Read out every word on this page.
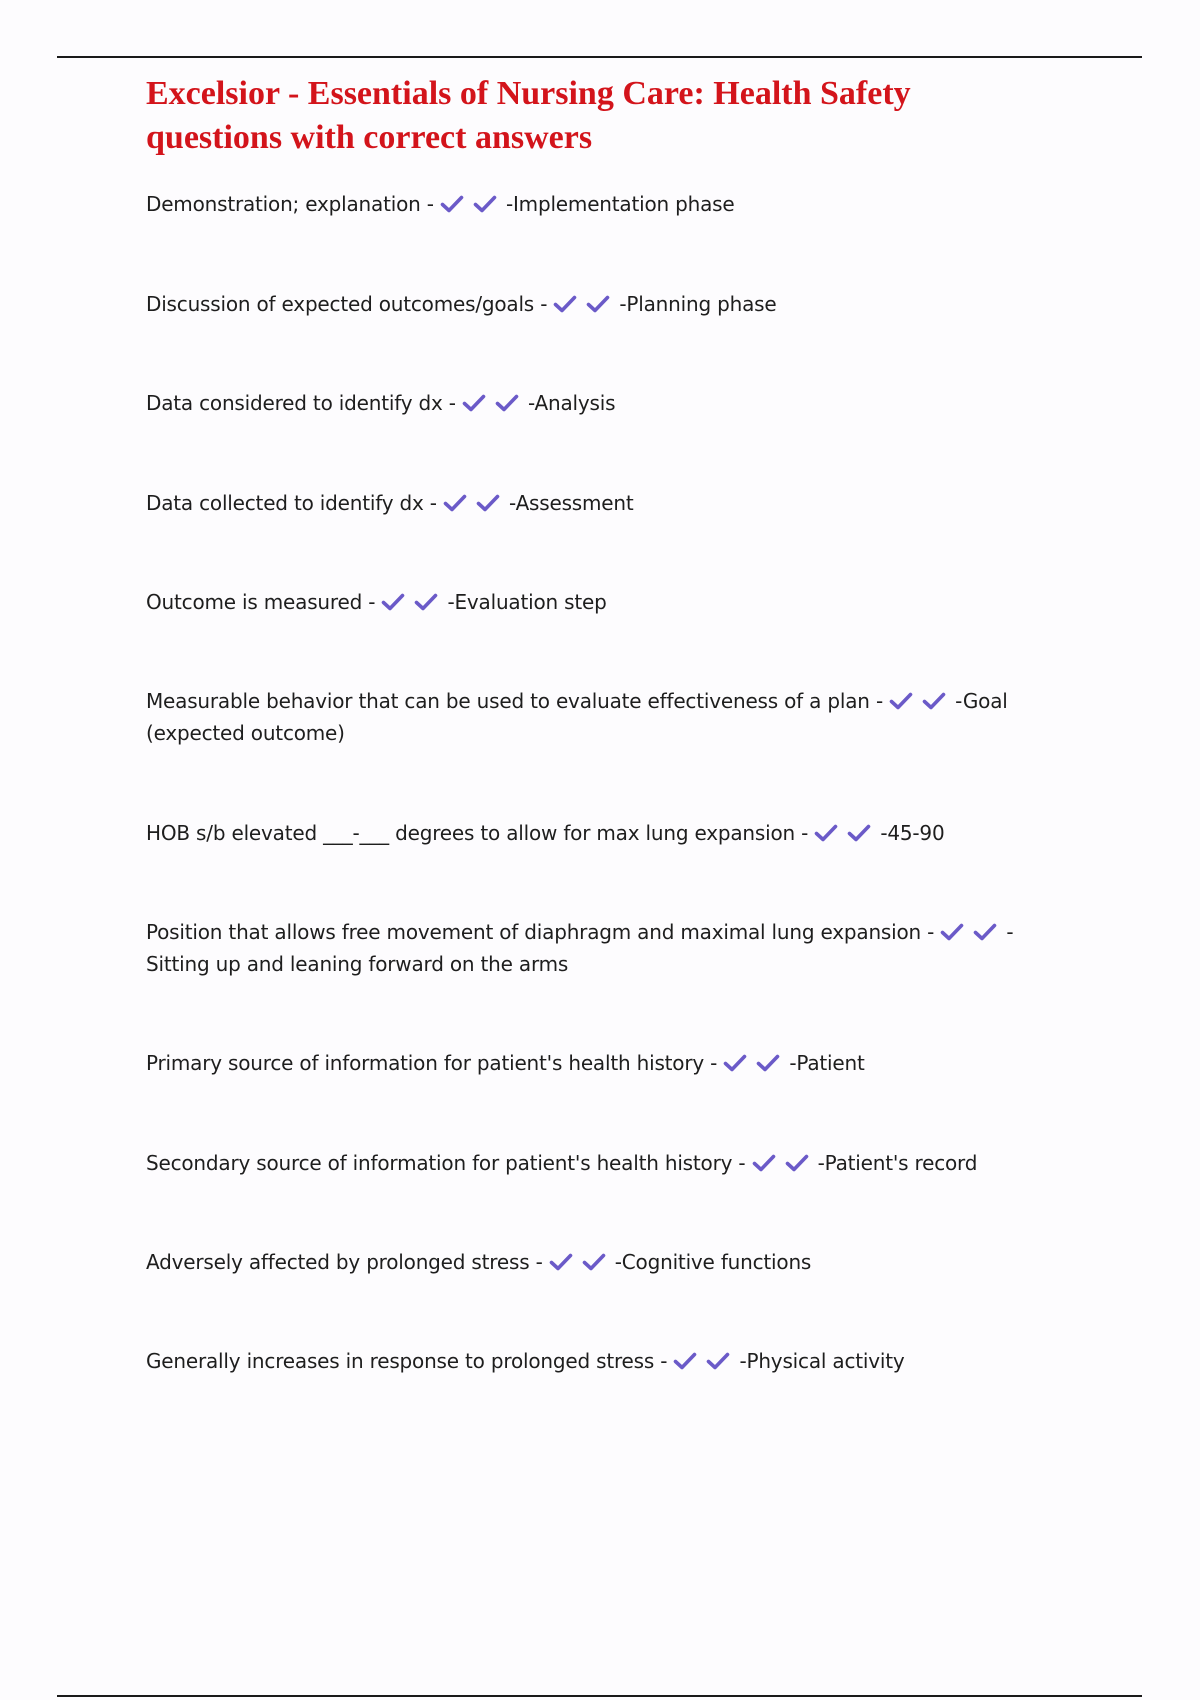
Excelsior - Essentials of Nursing Care: Health Safety questions with correct answers
Demonstration; explanation -	-Implementation phase
Discussion of expected outcomes/goals -	-Planning phase
Data considered to identify dx -	-Analysis
Data collected to identify dx -	-Assessment
Outcome is measured -	-Evaluation step
Measurable behavior that can be used to evaluate effectiveness of a plan -	-Goal (expected outcome)
HOB s/b elevated ___-___ degrees to allow for max lung expansion -	-45-90
Position that allows free movement of diaphragm and maximal lung expansion -	-Sitting up and leaning forward on the arms
Primary source of information for patient's health history -	-Patient
Secondary source of information for patient's health history -	-Patient's record
Adversely affected by prolonged stress -	-Cognitive functions
Generally increases in response to prolonged stress -	-Physical activity
